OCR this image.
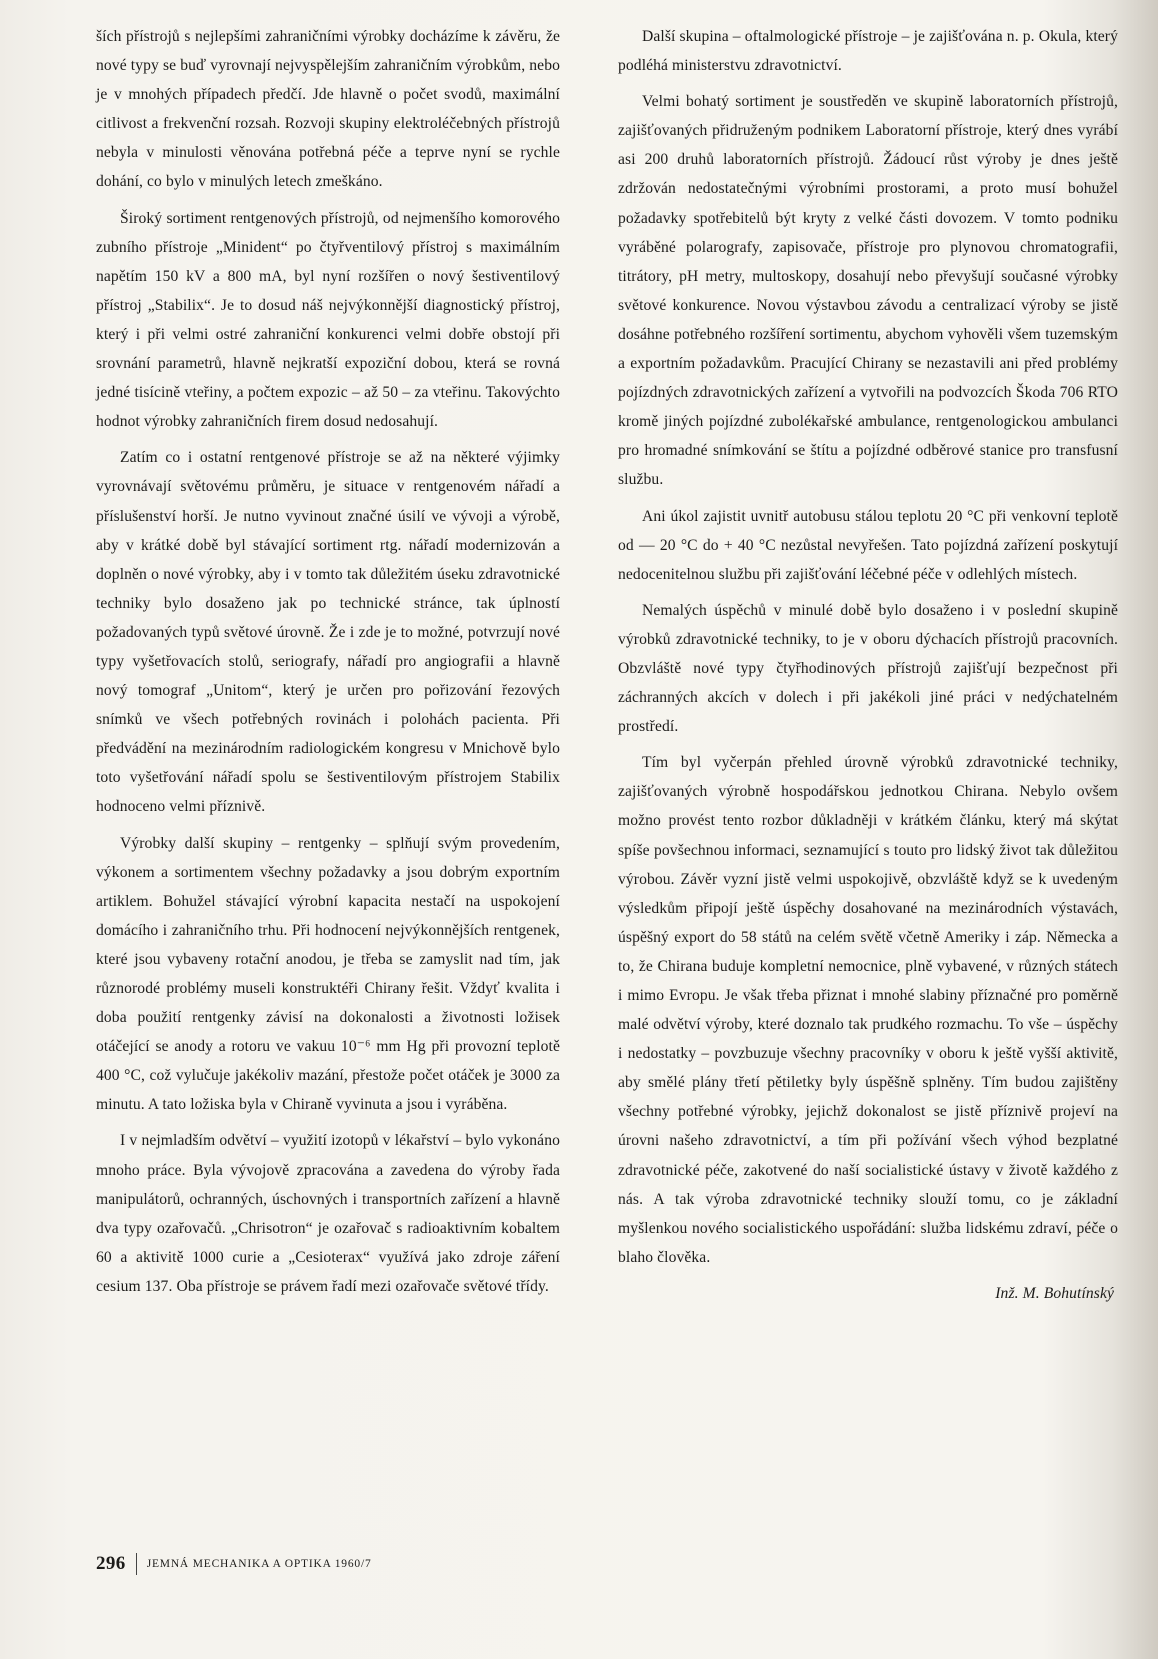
ších přístrojů s nejlepšími zahraničními výrobky docházíme k závěru, že nové typy se buď vyrovnají nejvyspělejším zahraničním výrobkům, nebo je v mnohých případech předčí. Jde hlavně o počet svodů, maximální citlivost a frekvenční rozsah. Rozvoji skupiny elektroléčebných přístrojů nebyla v minulosti věnována potřebná péče a teprve nyní se rychle dohání, co bylo v minulých letech zmeškáno.

Široký sortiment rentgenových přístrojů, od nejmenšího komorového zubního přístroje „Minident“ po čtyřventilový přístroj s maximálním napětím 150 kV a 800 mA, byl nyní rozšířen o nový šestiventilový přístroj „Stabilix“. Je to dosud náš nejvýkonnější diagnostický přístroj, který i při velmi ostré zahraniční konkurenci velmi dobře obstojí při srovnání parametrů, hlavně nejkratší expoziční dobou, která se rovná jedné tisícině vteřiny, a počtem expozic – až 50 – za vteřinu. Takovýchto hodnot výrobky zahraničních firem dosud nedosahují.

Zatím co i ostatní rentgenové přístroje se až na některé výjimky vyrovnávají světovému průměru, je situace v rentgenovém nářadí a příslušenství horší. Je nutno vyvinout značné úsilí ve vývoji a výrobě, aby v krátké době byl stávající sortiment rtg. nářadí modernizován a doplněn o nové výrobky, aby i v tomto tak důležitém úseku zdravotnické techniky bylo dosaženo jak po technické stránce, tak úplností požadovaných typů světové úrovně. Že i zde je to možné, potvrzují nové typy vyšetřovacích stolů, seriografy, nářadí pro angiografii a hlavně nový tomograf „Unitom“, který je určen pro pořizování řezových snímků ve všech potřebných rovinách i polohách pacienta. Při předvádění na mezinárodním radiologickém kongresu v Mnichově bylo toto vyšetřování nářadí spolu se šestiventilovým přístrojem Stabilix hodnoceno velmi příznivě.

Výrobky další skupiny – rentgenky – splňují svým provedením, výkonem a sortimentem všechny požadavky a jsou dobrým exportním artiklem. Bohužel stávající výrobní kapacita nestačí na uspokojení domácího i zahraničního trhu. Při hodnocení nejvýkonnějších rentgenek, které jsou vybaveny rotační anodou, je třeba se zamyslit nad tím, jak různorodé problémy museli konstruktéři Chirany řešit. Vždyť kvalita i doba použití rentgenky závisí na dokonalosti a životnosti ložisek otáčející se anody a rotoru ve vakuu 10⁻⁶ mm Hg při provozní teplotě 400 °C, což vylučuje jakékoliv mazání, přestože počet otáček je 3000 za minutu. A tato ložiska byla v Chiraně vyvinuta a jsou i vyráběna.

I v nejmladším odvětví – využití izotopů v lékařství – bylo vykonáno mnoho práce. Byla vývojově zpracována a zavedena do výroby řada manipulátorů, ochranných, úschovných i transportních zařízení a hlavně dva typy ozařovačů. „Chrisotron“ je ozařovač s radioaktivním kobaltem 60 a aktivitě 1000 curie a „Cesioterax“ využívá jako zdroje záření cesium 137. Oba přístroje se právem řadí mezi ozařovače světové třídy.

Další skupina – oftalmologické přístroje – je zajišťována n. p. Okula, který podléhá ministerstvu zdravotnictví.

Velmi bohatý sortiment je soustředěn ve skupině laboratorních přístrojů, zajišťovaných přidruženým podnikem Laboratorní přístroje, který dnes vyrábí asi 200 druhů laboratorních přístrojů. Žádoucí růst výroby je dnes ještě zdržován nedostatečnými výrobními prostorami, a proto musí bohužel požadavky spotřebitelů být kryty z velké části dovozem. V tomto podniku vyráběné polarografy, zapisovače, přístroje pro plynovou chromatografii, titrátory, pH metry, multoskopy, dosahují nebo převyšují současné výrobky světové konkurence. Novou výstavbou závodu a centralizací výroby se jistě dosáhne potřebného rozšíření sortimentu, abychom vyhověli všem tuzemským a exportním požadavkům. Pracující Chirany se nezastavili ani před problémy pojízdných zdravotnických zařízení a vytvořili na podvozcích Škoda 706 RTO kromě jiných pojízdné zubolékařské ambulance, rentgenologickou ambulanci pro hromadné snímkování se štítu a pojízdné odběrové stanice pro transfusní službu.

Ani úkol zajistit uvnitř autobusu stálou teplotu 20 °C při venkovní teplotě od — 20 °C do + 40 °C nezůstal nevyřešen. Tato pojízdná zařízení poskytují nedocenitelnou službu při zajišťování léčebné péče v odlehlých místech.

Nemalých úspěchů v minulé době bylo dosaženo i v poslední skupině výrobků zdravotnické techniky, to je v oboru dýchacích přístrojů pracovních. Obzvláště nové typy čtyřhodinových přístrojů zajišťují bezpečnost při záchranných akcích v dolech i při jakékoli jiné práci v nedýchatelném prostředí.

Tím byl vyčerpán přehled úrovně výrobků zdravotnické techniky, zajišťovaných výrobně hospodářskou jednotkou Chirana. Nebylo ovšem možno provést tento rozbor důkladněji v krátkém článku, který má skýtat spíše povšechnou informaci, seznamující s touto pro lidský život tak důležitou výrobou. Závěr vyzní jistě velmi uspokojivě, obzvláště když se k uvedeným výsledkům připojí ještě úspěchy dosahované na mezinárodních výstavách, úspěšný export do 58 států na celém světě včetně Ameriky i záp. Německa a to, že Chirana buduje kompletní nemocnice, plně vybavené, v různých státech i mimo Evropu. Je však třeba přiznat i mnohé slabiny příznačné pro poměrně malé odvětví výroby, které doznalo tak prudkého rozmachu. To vše – úspěchy i nedostatky – povzbuzuje všechny pracovníky v oboru k ještě vyšší aktivitě, aby smělé plány třetí pětiletky byly úspěšně splněny. Tím budou zajištěny všechny potřebné výrobky, jejichž dokonalost se jistě příznivě projeví na úrovni našeho zdravotnictví, a tím při požívání všech výhod bezplatné zdravotnické péče, zakotvené do naší socialistické ústavy v životě každého z nás. A tak výroba zdravotnické techniky slouží tomu, co je základní myšlenkou nového socialistického uspořádání: služba lidskému zdraví, péče o blaho člověka.

Inž. M. Bohutínský

296 JEMNÁ MECHANIKA A OPTIKA 1960/7
